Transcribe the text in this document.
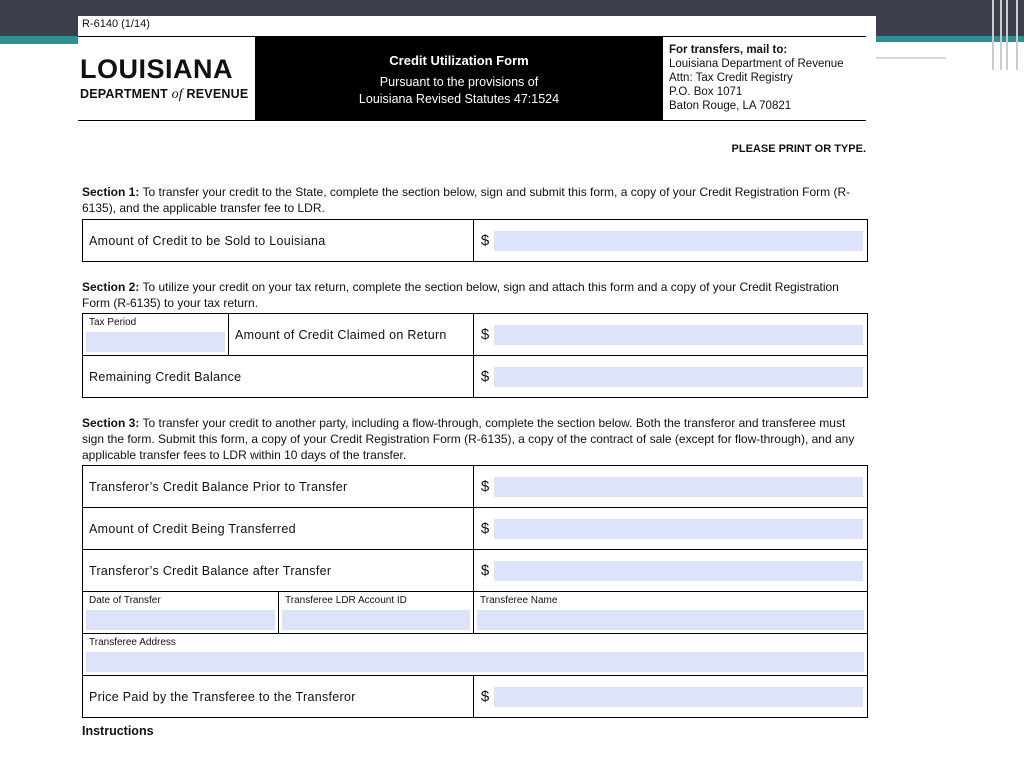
R-6140 (1/14)
LOUISIANA
DEPARTMENT of REVENUE
Credit Utilization Form
Pursuant to the provisions of
Louisiana Revised Statutes 47:1524
For transfers, mail to:
Louisiana Department of Revenue
Attn: Tax Credit Registry
P.O. Box 1071
Baton Rouge, LA 70821
PLEASE PRINT OR TYPE.
Section 1: To transfer your credit to the State, complete the section below, sign and submit this form, a copy of your Credit Registration Form (R-6135), and the applicable transfer fee to LDR.
Amount of Credit to be Sold to Louisiana	$
Section 2: To utilize your credit on your tax return, complete the section below, sign and attach this form and a copy of your Credit Registration Form (R-6135) to your tax return.
Tax Period	Amount of Credit Claimed on Return	$

Remaining Credit Balance		$
Section 3: To transfer your credit to another party, including a flow-through, complete the section below. Both the transferor and transferee must sign the form. Submit this form, a copy of your Credit Registration Form (R-6135), a copy of the contract of sale (except for flow-through), and any applicable transfer fees to LDR within 10 days of the transfer.
Transferor’s Credit Balance Prior to Transfer		$

Amount of Credit Being Transferred		$

Transferor’s Credit Balance after Transfer		$

Date of Transfer	Transferee LDR Account ID	Transferee Name

Transferee Address		

Price Paid by the Transferee to the Transferor		$
Instructions
